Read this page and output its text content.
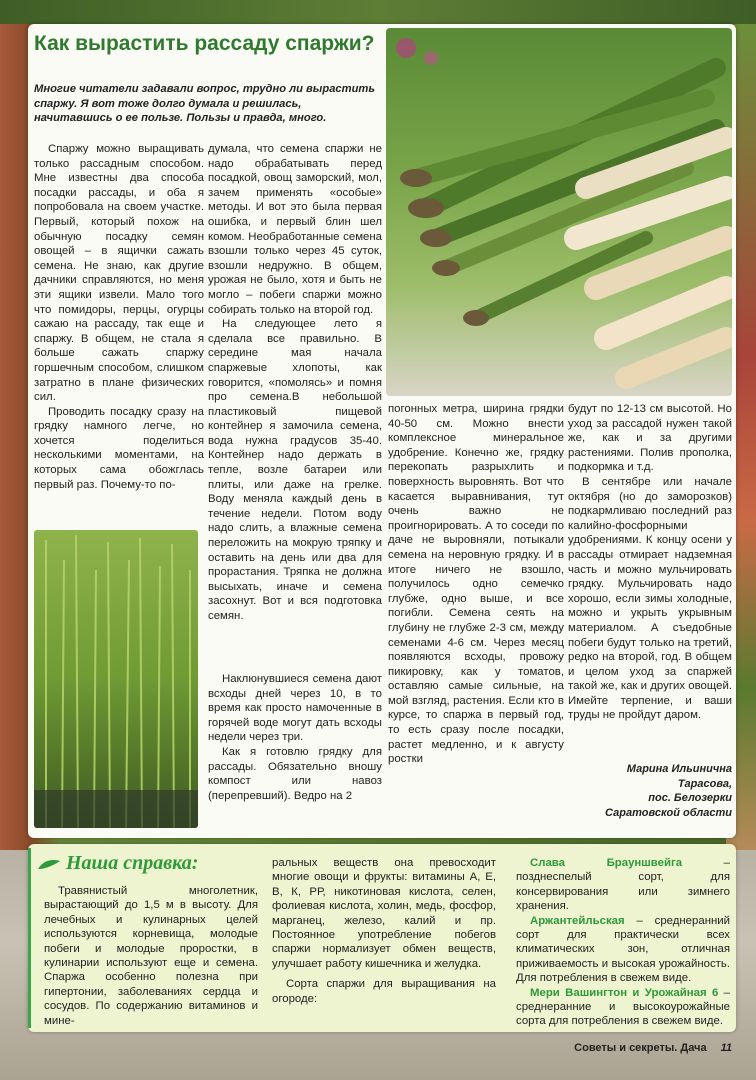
Как вырастить рассаду спаржи?

Многие читатели задавали вопрос, трудно ли вырастить спаржу. Я вот тоже долго думала и решилась, начитавшись о ее пользе. Пользы и правда, много.

Спаржу можно выращивать только рассадным способом. Мне известны два способа посадки рассады, и оба я попробовала на своем участке. Первый, который похож на обычную посадку семян овощей – в ящички сажать семена. Не знаю, как другие дачники справляются, но меня эти ящики извели. Мало того что помидоры, перцы, огурцы сажаю на рассаду, так еще и спаржу. В общем, не стала я больше сажать спаржу горшечным способом, слишком затратно в плане физических сил.

Проводить посадку сразу на грядку намного легче, но хочется поделиться несколькими моментами, на которых сама обожглась первый раз. Почему-то по-

думала, что семена спаржи не надо обрабатывать перед посадкой, овощ заморский, мол, зачем применять «особые» методы. И вот это была первая ошибка, и первый блин шел комом. Необработанные семена взошли только через 45 суток, взошли недружно. В общем, урожая не было, хотя и быть не могло – побеги спаржи можно собирать только на второй год.

На следующее лето я сделала все правильно. В середине мая начала спаржевые хлопоты, как говорится, «помолясь» и помня про семена.В небольшой пластиковый пищевой контейнер я замочила семена, вода нужна градусов 35-40. Контейнер надо держать в тепле, возле батареи или плиты, или даже на грелке. Воду меняла каждый день в течение недели. Потом воду надо слить, а влажные семена переложить на мокрую тряпку и оставить на день или два для прорастания. Тряпка не должна высыхать, иначе и семена засохнут. Вот и вся подготовка семян.

Наклюнувшиеся семена дают всходы дней через 10, в то время как просто намоченные в горячей воде могут дать всходы недели через три.

Как я готовлю грядку для рассады. Обязательно вношу компост или навоз (перепревший). Ведро на 2

погонных метра, ширина грядки 40-50 см. Можно внести комплексное минеральное удобрение. Конечно же, грядку перекопать разрыхлить и поверхность выровнять. Вот что касается выравнивания, тут очень важно не проигнорировать. А то соседи по даче не выровняли, потыкали семена на неровную грядку. И в итоге ничего не взошло, получилось одно семечко глубже, одно выше, и все погибли. Семена сеять на глубину не глубже 2-3 см, между семенами 4-6 см. Через месяц появляются всходы, провожу пикировку, как у томатов, оставляю самые сильные, на мой взгляд, растения. Если кто в курсе, то спаржа в первый год, то есть сразу после посадки, растет медленно, и к августу ростки

будут по 12-13 см высотой. Но уход за рассадой нужен такой же, как и за другими растениями. Полив прополка, подкормка и т.д.

В сентябре или начале октября (но до заморозков) подкармливаю последний раз калийно-фосфорными удобрениями. К концу осени у рассады отмирает надземная часть и можно мульчировать грядку. Мульчировать надо хорошо, если зимы холодные, можно и укрыть укрывным материалом. А съедобные побеги будут только на третий, редко на второй, год. В общем и целом уход за спаржей такой же, как и других овощей. Имейте терпение, и ваши труды не пройдут даром.

Марина Ильинична
Тарасова,
пос. Белозерки
Саратовской области
Наша справка:

Травянистый многолетник, вырастающий до 1,5 м в высоту. Для лечебных и кулинарных целей используются корневища, молодые побеги и молодые проростки, в кулинарии используют еще и семена. Спаржа особенно полезна при гипертонии, заболеваниях сердца и сосудов. По содержанию витаминов и мине-

ральных веществ она превосходит многие овощи и фрукты: витамины А, Е, В, К, РР, никотиновая кислота, селен, фолиевая кислота, холин, медь, фосфор, марганец, железо, калий и пр. Постоянное употребление побегов спаржи нормализует обмен веществ, улучшает работу кишечника и желудка.

Сорта спаржи для выращивания на огороде:

Слава Брауншвейга – позднеспелый сорт, для консервирования или зимнего хранения.

Аржантейльская – среднеранний сорт для практически всех климатических зон, отличная приживаемость и высокая урожайность. Для потребления в свежем виде.

Мери Вашингтон и Урожайная 6 – среднеранние и высокоурожайные сорта для потребления в свежем виде.

Советы и секреты. Дача 11
